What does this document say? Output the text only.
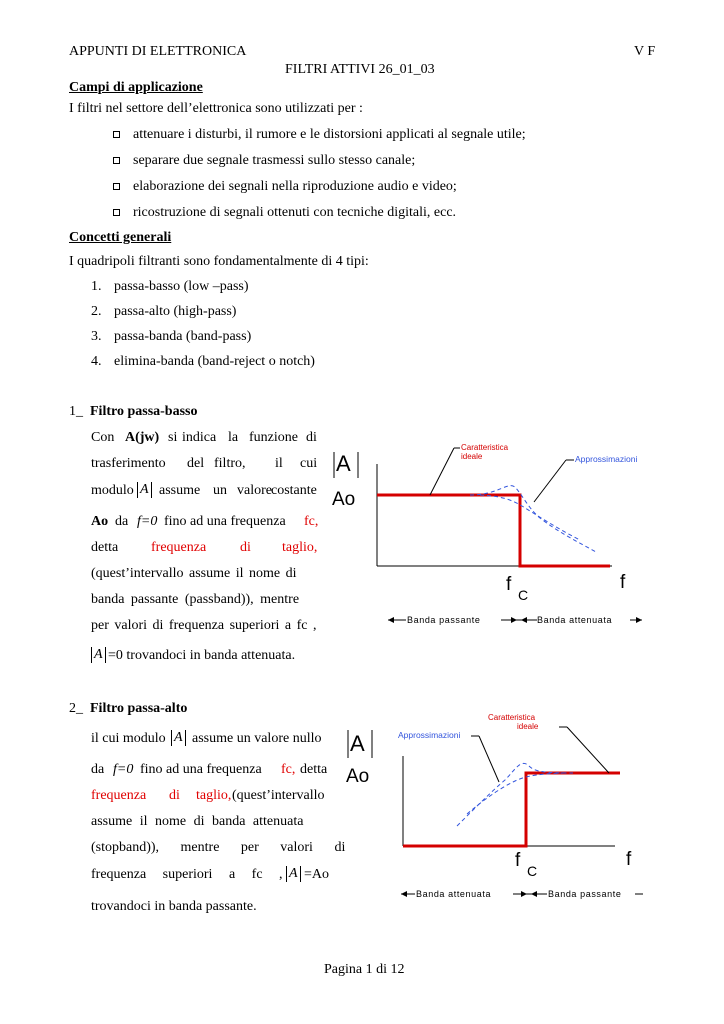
APPUNTI DI ELETTRONICA	V F
FILTRI ATTIVI 26_01_03
Campi di applicazione
I filtri nel settore dell’elettronica sono utilizzati per :
attenuare i disturbi, il rumore e le distorsioni applicati al segnale utile;
separare due segnale trasmessi sullo stesso canale;
elaborazione dei segnali nella riproduzione audio e video;
ricostruzione di segnali ottenuti con tecniche digitali, ecc.
Concetti generali
I quadripoli filtranti sono fondamentalmente di 4 tipi:
1. passa-basso (low –pass)
2. passa-alto (high-pass)
3. passa-banda (band-pass)
4. elimina-banda (band-reject o notch)
1_ Filtro passa-basso
Con A(jw) si indica la funzione di
trasferimento del filtro, il cui
modulo A assume un valore costante
Ao da f=0 fino ad una frequenza fc,
detta frequenza di taglio,
(quest’intervallo assume il nome di
banda passante (passband)), mentre
per valori di frequenza superiori a fc ,
A =0 trovandoci in banda attenuata.
A
Ao
Caratteristica
ideale	Approssimazioni
f C
f
Banda passante	Banda attenuata
2_ Filtro passa-alto
il cui modulo A assume un valore nullo
da f=0 fino ad una frequenza fc, detta
frequenza di taglio, (quest’intervallo
assume il nome di banda attenuata
(stopband)), mentre per valori di
frequenza superiori a fc , A =Ao
trovandoci in banda passante.
A
Ao
Approssimazioni
Caratteristica
ideale
f C
f
Banda attenuata	Banda passante
Pagina 1 di 12
